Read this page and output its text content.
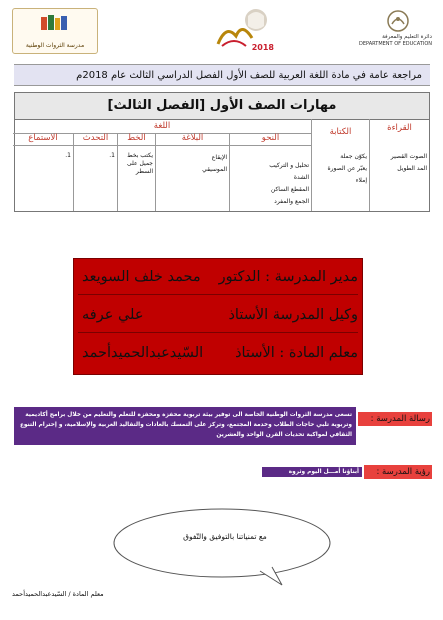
مدرسة الثروات الوطنية	2018
دائرة التعليم والمعرفة
DEPARTMENT OF EDUCATION
مراجعة عامة في مادة اللغة العربية للصف الأول الفصل الدراسي الثالث عام 2018م
مهارات الصف الأول [الفصل الثالث]
القراءة
الصوت القصير
المد الطويل
الكتابة
يكوّن جملة
يعبّر عن الصورة
إملاء
اللغة
النحو
تحليل و التركيب
الشدة
المقطع الساكن
الجمع والمفرد
البلاغة
الإيقاع
الموسيقي
الخط
يكتب بخط جميل على السطر
التحدث
1.
الاستماع
1.
مدير المدرسة : الدكتور
محمد خلف السويعد
وكيل المدرسة الأستاذ
علي عرفه
معلم المادة : الأستاذ
السّيدعبدالحميدأحمد
رسالة المدرسة :
تسعى مدرسة الثروات الوطنية الخاصة الى توفير بيئة تربوية محفزة ومحفزة للتعلم والتعليم من خلال برامج أكاديمية وتربوية تلبي حاجات الطلاب وخدمة المجتمع، وتركز على التمسك بالعادات والتقاليد العربية والإسلامية، و إحترام التنوع الثقافي لمواكبة تحديات القرن الواحد والعشرين
رؤية المدرسة :
أبناؤنا أمـــل اليوم وثروة المستقبل
مع تمنياتنا بالتوفيق والتّفوق
معلم المادة / السّيدعبدالحميدأحمد
